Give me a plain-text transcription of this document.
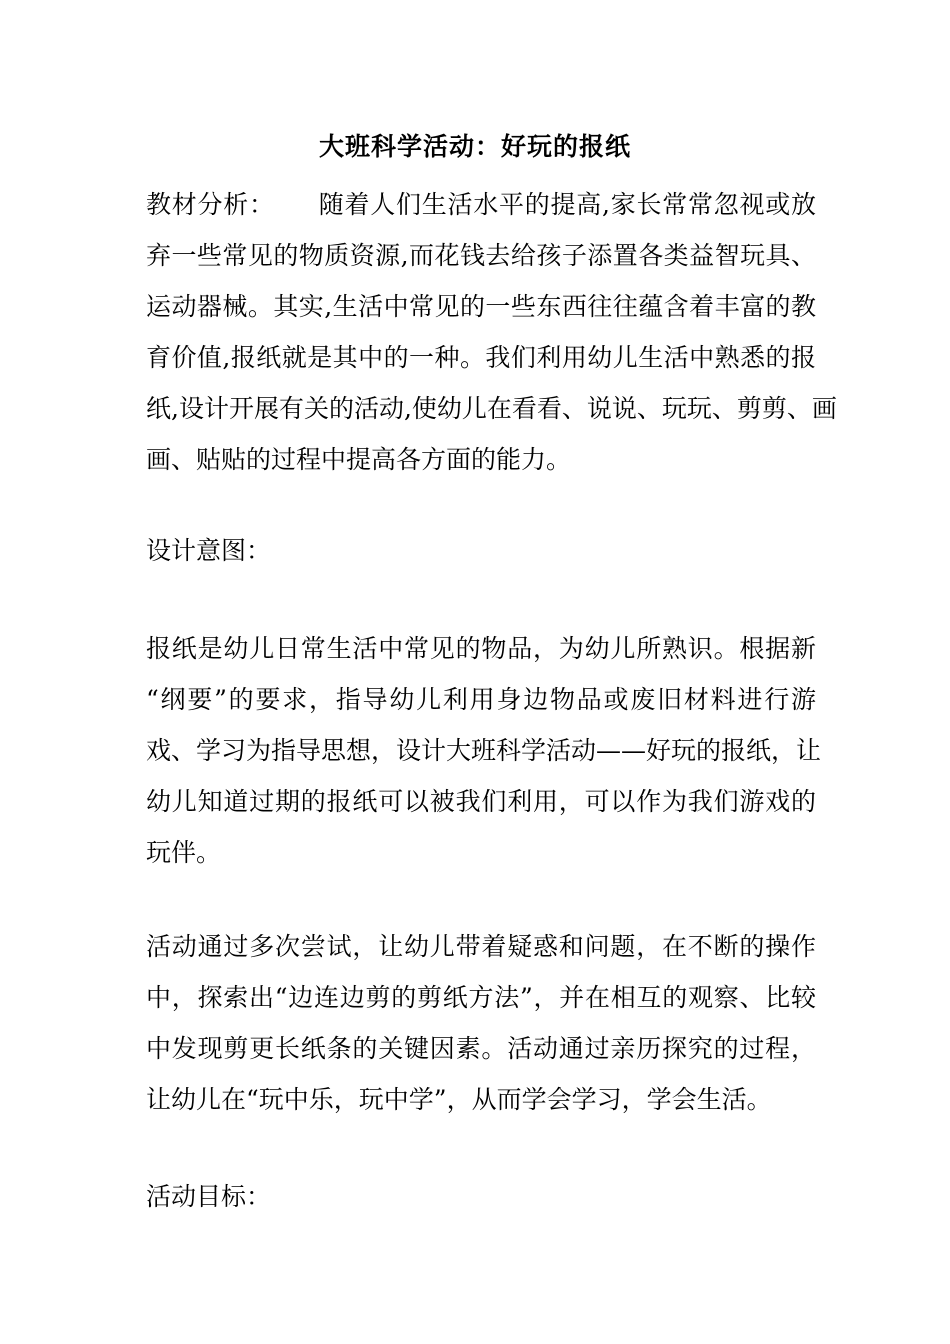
大班科学活动：好玩的报纸
教材分析： 随着人们生活水平的提高,家长常常忽视或放
弃一些常见的物质资源,而花钱去给孩子添置各类益智玩具、
运动器械。其实,生活中常见的一些东西往往蕴含着丰富的教
育价值,报纸就是其中的一种。我们利用幼儿生活中熟悉的报
纸,设计开展有关的活动,使幼儿在看看、说说、玩玩、剪剪、画
画、贴贴的过程中提高各方面的能力。
设计意图：
报纸是幼儿日常生活中常见的物品，为幼儿所熟识。根据新
“纲要”的要求，指导幼儿利用身边物品或废旧材料进行游
戏、学习为指导思想，设计大班科学活动——好玩的报纸，让
幼儿知道过期的报纸可以被我们利用，可以作为我们游戏的
玩伴。
活动通过多次尝试，让幼儿带着疑惑和问题，在不断的操作
中，探索出“边连边剪的剪纸方法”，并在相互的观察、比较
中发现剪更长纸条的关键因素。活动通过亲历探究的过程，
让幼儿在“玩中乐，玩中学”，从而学会学习，学会生活。
活动目标：
